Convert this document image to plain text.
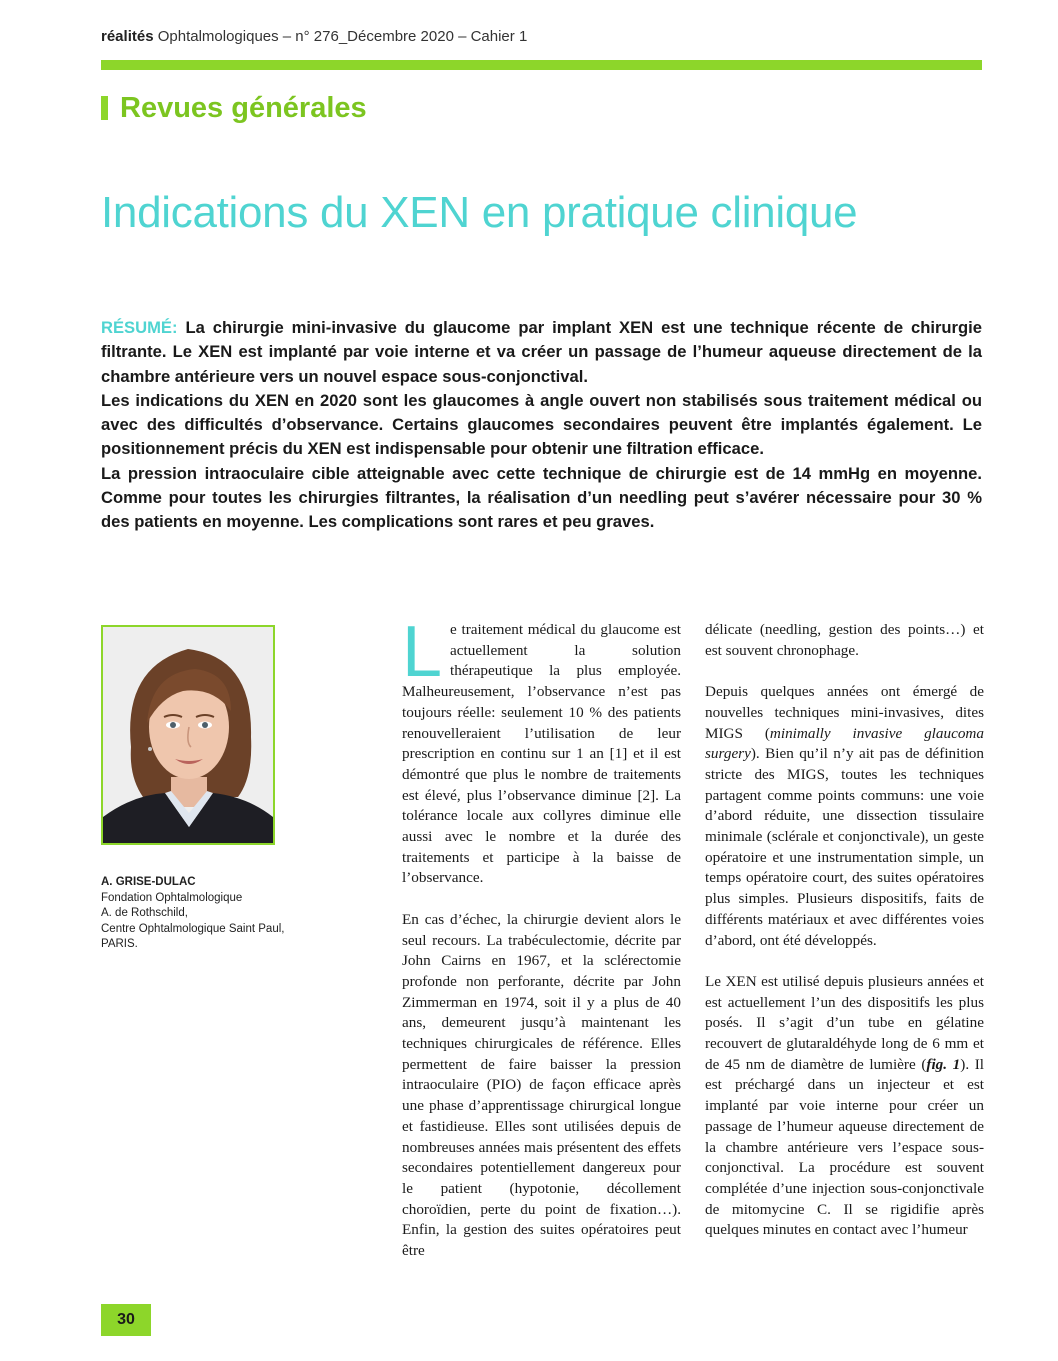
réalités Ophtalmologiques – n° 276_Décembre 2020 – Cahier 1
Revues générales
Indications du XEN en pratique clinique

RÉSUMÉ: La chirurgie mini-invasive du glaucome par implant XEN est une technique récente de chirurgie filtrante. Le XEN est implanté par voie interne et va créer un passage de l’humeur aqueuse directement de la chambre antérieure vers un nouvel espace sous-conjonctival.

Les indications du XEN en 2020 sont les glaucomes à angle ouvert non stabilisés sous traitement médical ou avec des difficultés d’observance. Certains glaucomes secondaires peuvent être implantés également. Le positionnement précis du XEN est indispensable pour obtenir une filtration efficace.

La pression intraoculaire cible atteignable avec cette technique de chirurgie est de 14 mmHg en moyenne. Comme pour toutes les chirurgies filtrantes, la réalisation d’un needling peut s’avérer nécessaire pour 30 % des patients en moyenne. Les complications sont rares et peu graves.

A. GRISE-DULAC
Fondation Ophtalmologique
A. de Rothschild,
Centre Ophtalmologique Saint Paul,
PARIS.

Le traitement médical du glaucome est actuellement la solution thérapeutique la plus employée. Malheureusement, l’observance n’est pas toujours réelle: seulement 10 % des patients renouvelleraient l’utilisation de leur prescription en continu sur 1 an [1] et il est démontré que plus le nombre de traitements est élevé, plus l’observance diminue [2]. La tolérance locale aux collyres diminue elle aussi avec le nombre et la durée des traitements et participe à la baisse de l’observance.

En cas d’échec, la chirurgie devient alors le seul recours. La trabéculectomie, décrite par John Cairns en 1967, et la sclérectomie profonde non perforante, décrite par John Zimmerman en 1974, soit il y a plus de 40 ans, demeurent jusqu’à maintenant les techniques chirurgicales de référence. Elles permettent de faire baisser la pression intraoculaire (PIO) de façon efficace après une phase d’apprentissage chirurgical longue et fastidieuse. Elles sont utilisées depuis de nombreuses années mais présentent des effets secondaires potentiellement dangereux pour le patient (hypotonie, décollement choroïdien, perte du point de fixation…). Enfin, la gestion des suites opératoires peut être

délicate (needling, gestion des points…) et est souvent chronophage.

Depuis quelques années ont émergé de nouvelles techniques mini-invasives, dites MIGS (minimally invasive glaucoma surgery). Bien qu’il n’y ait pas de définition stricte des MIGS, toutes les techniques partagent comme points communs: une voie d’abord réduite, une dissection tissulaire minimale (sclérale et conjonctivale), un geste opératoire et une instrumentation simple, un temps opératoire court, des suites opératoires plus simples. Plusieurs dispositifs, faits de différents matériaux et avec différentes voies d’abord, ont été développés.

Le XEN est utilisé depuis plusieurs années et est actuellement l’un des dispositifs les plus posés. Il s’agit d’un tube en gélatine recouvert de glutaraldéhyde long de 6 mm et de 45 nm de diamètre de lumière (fig. 1). Il est préchargé dans un injecteur et est implanté par voie interne pour créer un passage de l’humeur aqueuse directement de la chambre antérieure vers l’espace sous-conjonctival. La procédure est souvent complétée d’une injection sous-conjonctivale de mitomycine C. Il se rigidifie après quelques minutes en contact avec l’humeur

30
